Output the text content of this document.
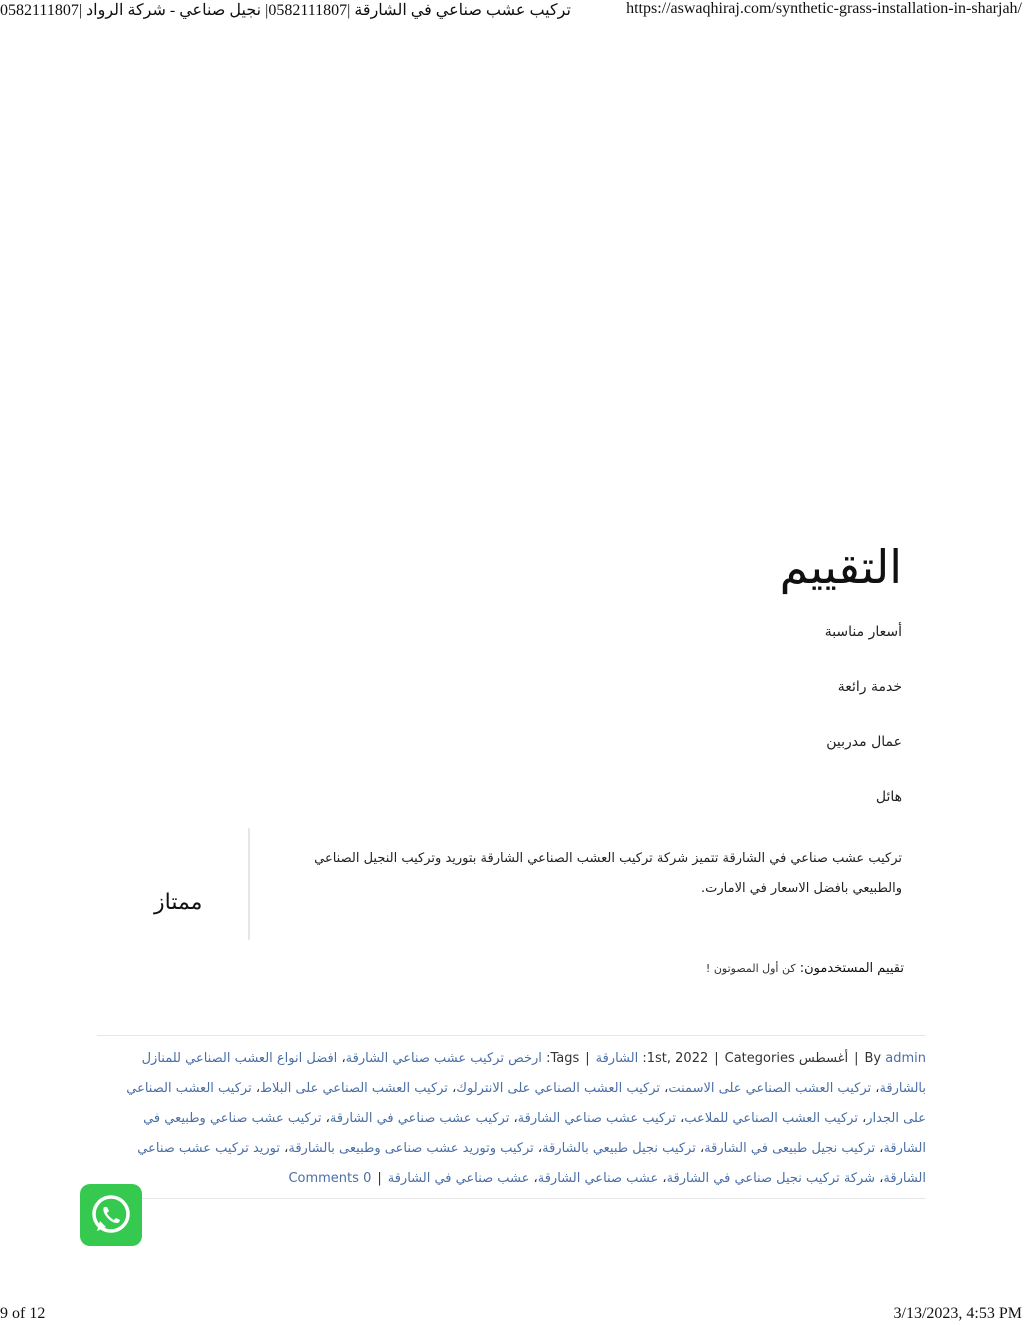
تركيب عشب صناعي في الشارقة |0582111807| نجيل صناعي - شركة الرواد |0582111807	https://aswaqhiraj.com/synthetic-grass-installation-in-sharjah/
التقييم
أسعار مناسبة
خدمة رائعة
عمال مدربين
هائل
تركيب عشب صناعي في الشارقة تتميز شركة تركيب العشب الصناعي الشارقة بتوريد وتركيب النجيل الصناعي والطبيعي بافضل الاسعار في الامارت.
ممتاز
تقييم المستخدمون: كن أول المصوتون !
By admin|أغسطس 1st, 2022|Categories: الشارقة|Tags: ارخص تركيب عشب صناعي الشارقة، افضل انواع العشب الصناعي للمنازل بالشارقة، تركيب العشب الصناعي على الاسمنت، تركيب العشب الصناعي على الانترلوك، تركيب العشب الصناعي على البلاط، تركيب العشب الصناعي على الجدار، تركيب العشب الصناعي للملاعب، تركيب عشب صناعي الشارقة، تركيب عشب صناعي في الشارقة، تركيب عشب صناعي وطبيعي في الشارقة، تركيب نجيل طبيعى في الشارقة، تركيب نجيل طبيعي بالشارقة، تركيب وتوريد عشب صناعى وطبيعى بالشارقة، توريد تركيب عشب صناعي الشارقة، شركة تركيب نجيل صناعي في الشارقة، عشب صناعي الشارقة، عشب صناعي في الشارقة|0 Comments
9 of 12	3/13/2023, 4:53 PM
